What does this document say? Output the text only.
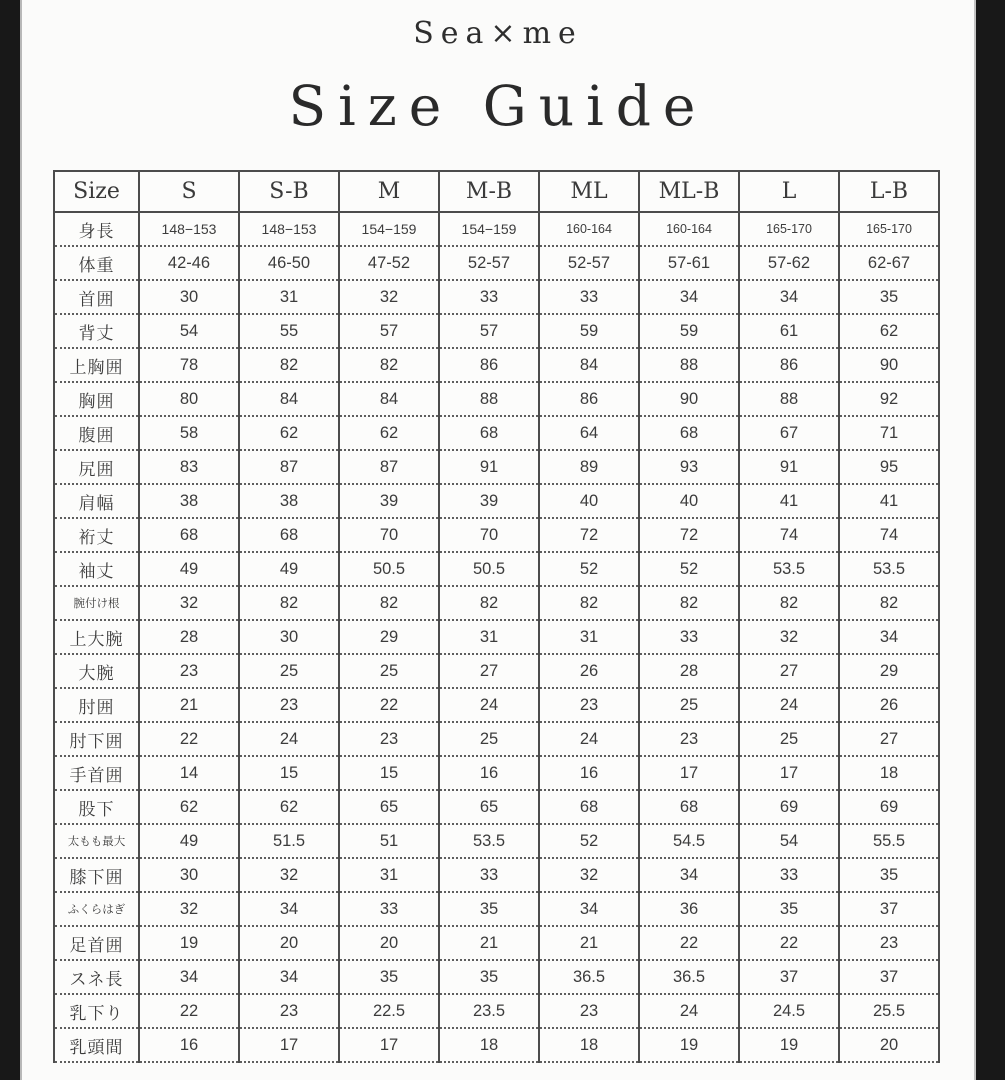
Sea×me
Size Guide
Size	S	S-B	M	M-B	ML	ML-B	L	L-B
身長	148−153	148−153	154−159	154−159	160-164	160-164	165-170	165-170
体重	42-46	46-50	47-52	52-57	52-57	57-61	57-62	62-67
首囲	30	31	32	33	33	34	34	35
背丈	54	55	57	57	59	59	61	62
上胸囲	78	82	82	86	84	88	86	90
胸囲	80	84	84	88	86	90	88	92
腹囲	58	62	62	68	64	68	67	71
尻囲	83	87	87	91	89	93	91	95
肩幅	38	38	39	39	40	40	41	41
裄丈	68	68	70	70	72	72	74	74
袖丈	49	49	50.5	50.5	52	52	53.5	53.5
腕付け根	32	82	82	82	82	82	82	82
上大腕	28	30	29	31	31	33	32	34
大腕	23	25	25	27	26	28	27	29
肘囲	21	23	22	24	23	25	24	26
肘下囲	22	24	23	25	24	23	25	27
手首囲	14	15	15	16	16	17	17	18
股下	62	62	65	65	68	68	69	69
太もも最大	49	51.5	51	53.5	52	54.5	54	55.5
膝下囲	30	32	31	33	32	34	33	35
ふくらはぎ	32	34	33	35	34	36	35	37
足首囲	19	20	20	21	21	22	22	23
スネ長	34	34	35	35	36.5	36.5	37	37
乳下り	22	23	22.5	23.5	23	24	24.5	25.5
乳頭間	16	17	17	18	18	19	19	20
